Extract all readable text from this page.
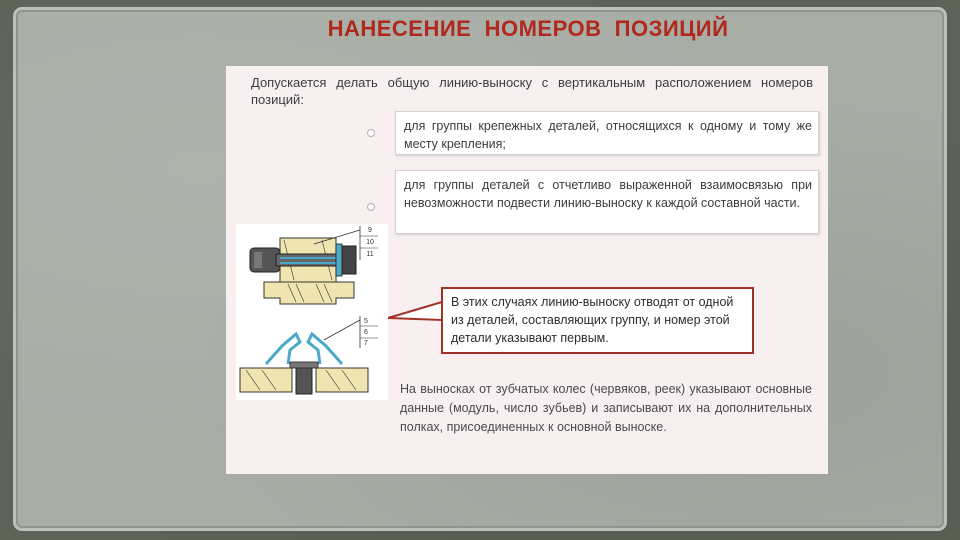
НАНЕСЕНИЕ  НОМЕРОВ  ПОЗИЦИЙ
Допускается делать общую линию-выноску с вертикальным расположением номеров позиций:
для группы крепежных деталей, относящихся к одному и тому же месту крепления;
для группы деталей с отчетливо выраженной взаимосвязью при невозможности подвести линию-выноску к каждой составной части.
В этих случаях линию-выноску отводят от одной из деталей, составляющих группу, и номер этой детали указывают первым.
На выносках от зубчатых колес (червяков, реек) указывают основные данные (модуль, число зубьев) и записывают их на дополнительных полках, присоединенных к основной выноске.
9
10
11
5
6
7
